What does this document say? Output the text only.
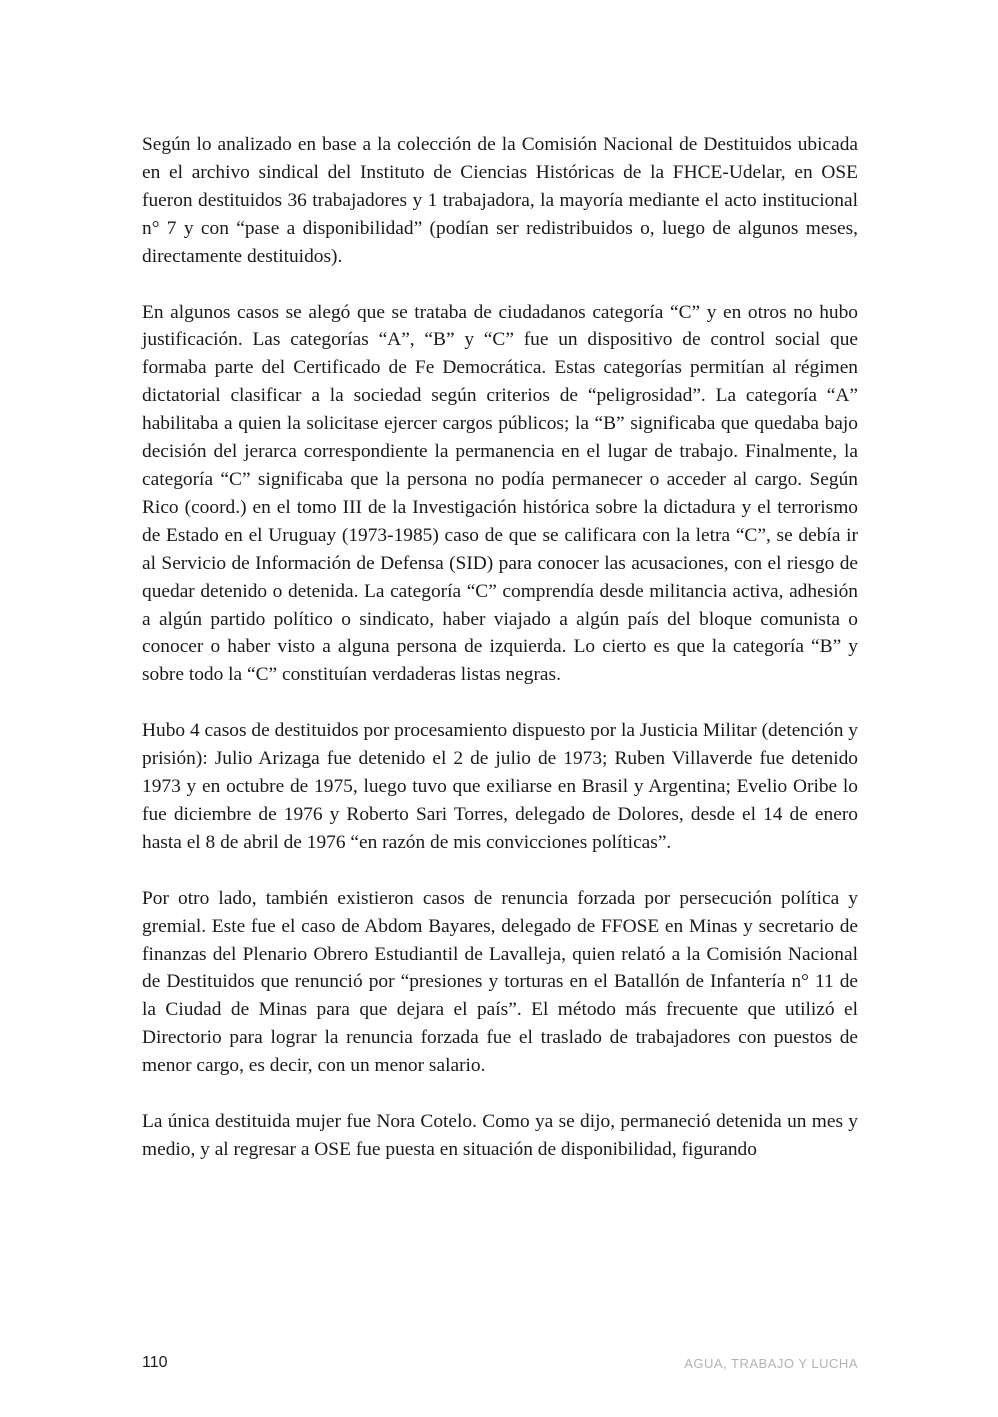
Según lo analizado en base a la colección de la Comisión Nacional de Destituidos ubicada en el archivo sindical del Instituto de Ciencias Históricas de la FHCE-Udelar, en OSE fueron destituidos 36 trabajadores y 1 trabajadora, la mayoría mediante el acto institucional n° 7 y con “pase a disponibilidad” (podían ser redistribuidos o, luego de algunos meses, directamente destituidos).

En algunos casos se alegó que se trataba de ciudadanos categoría “C” y en otros no hubo justificación. Las categorías “A”, “B” y “C” fue un dispositivo de control social que formaba parte del Certificado de Fe Democrática. Estas categorías permitían al régimen dictatorial clasificar a la sociedad según criterios de “peligrosidad”. La categoría “A” habilitaba a quien la solicitase ejercer cargos públicos; la “B” significaba que quedaba bajo decisión del jerarca correspondiente la permanencia en el lugar de trabajo. Finalmente, la categoría “C” significaba que la persona no podía permanecer o acceder al cargo. Según Rico (coord.) en el tomo III de la Investigación histórica sobre la dictadura y el terrorismo de Estado en el Uruguay (1973-1985) caso de que se calificara con la letra “C”, se debía ir al Servicio de Información de Defensa (SID) para conocer las acusaciones, con el riesgo de quedar detenido o detenida. La categoría “C” comprendía desde militancia activa, adhesión a algún partido político o sindicato, haber viajado a algún país del bloque comunista o conocer o haber visto a alguna persona de izquierda. Lo cierto es que la categoría “B” y sobre todo la “C” constituían verdaderas listas negras.

Hubo 4 casos de destituidos por procesamiento dispuesto por la Justicia Militar (detención y prisión): Julio Arizaga fue detenido el 2 de julio de 1973; Ruben Villaverde fue detenido 1973 y en octubre de 1975, luego tuvo que exiliarse en Brasil y Argentina; Evelio Oribe lo fue diciembre de 1976 y Roberto Sari Torres, delegado de Dolores, desde el 14 de enero hasta el 8 de abril de 1976 “en razón de mis convicciones políticas”.

Por otro lado, también existieron casos de renuncia forzada por persecución política y gremial. Este fue el caso de Abdom Bayares, delegado de FFOSE en Minas y secretario de finanzas del Plenario Obrero Estudiantil de Lavalleja, quien relató a la Comisión Nacional de Destituidos que renunció por “presiones y torturas en el Batallón de Infantería n° 11 de la Ciudad de Minas para que dejara el país”. El método más frecuente que utilizó el Directorio para lograr la renuncia forzada fue el traslado de trabajadores con puestos de menor cargo, es decir, con un menor salario.

La única destituida mujer fue Nora Cotelo. Como ya se dijo, permaneció detenida un mes y medio, y al regresar a OSE fue puesta en situación de disponibilidad, figurando

110	AGUA, TRABAJO Y LUCHA
